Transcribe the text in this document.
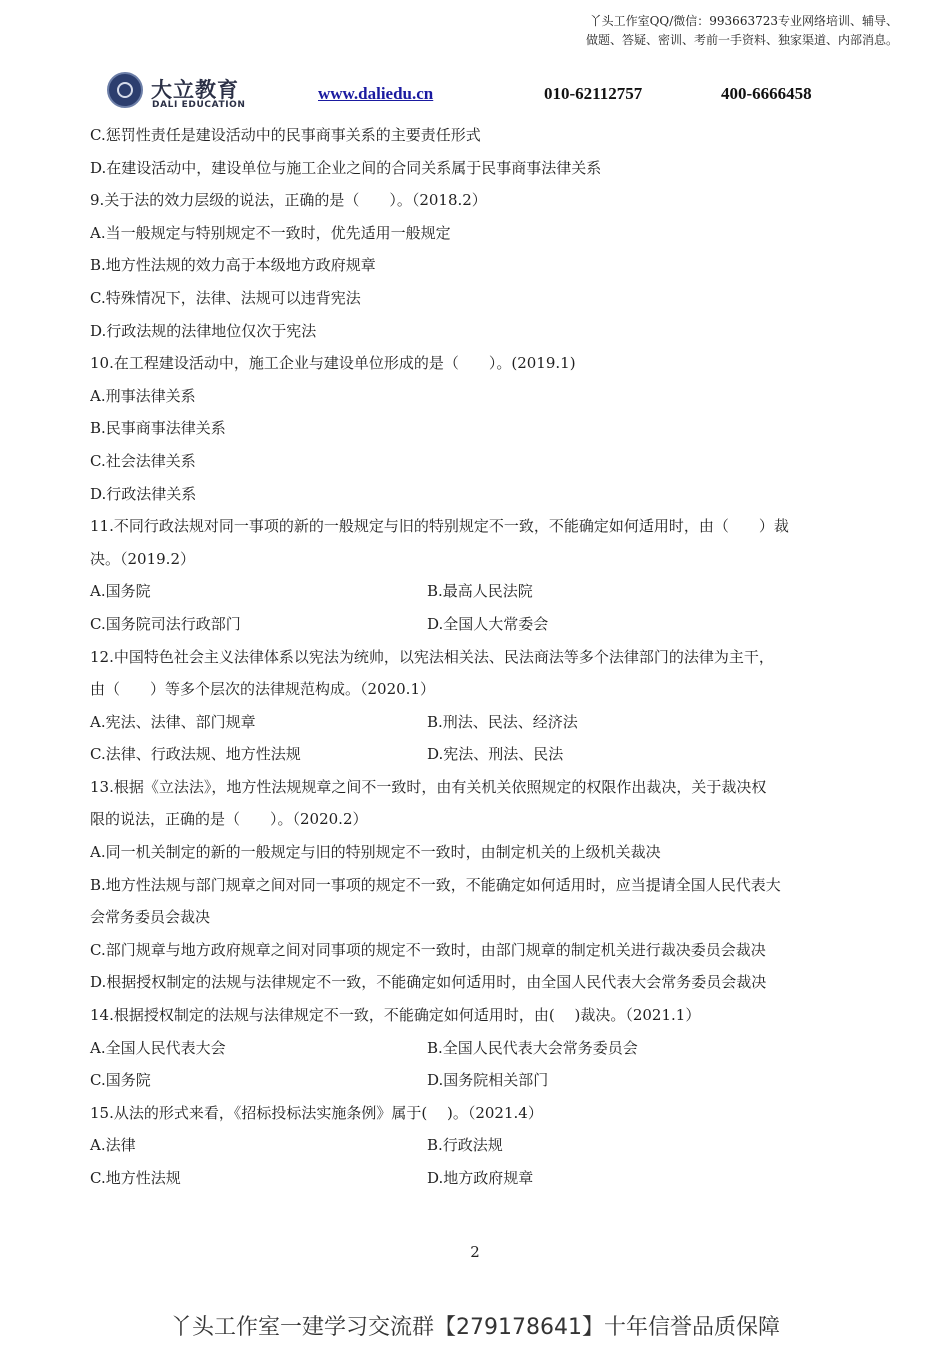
丫头工作室QQ/微信：993663723专业网络培训、辅导、
做题、答疑、密训、考前一手资料、独家渠道、内部消息。
大立教育
DALI EDUCATION
www.daliedu.cn	010-62112757	400-6666458
C.惩罚性责任是建设活动中的民事商事关系的主要责任形式
D.在建设活动中，建设单位与施工企业之间的合同关系属于民事商事法律关系
9.关于法的效力层级的说法，正确的是（　　）。（2018.2）
A.当一般规定与特别规定不一致时，优先适用一般规定
B.地方性法规的效力高于本级地方政府规章
C.特殊情况下，法律、法规可以违背宪法
D.行政法规的法律地位仅次于宪法
10.在工程建设活动中，施工企业与建设单位形成的是（　　）。(2019.1)
A.刑事法律关系
B.民事商事法律关系
C.社会法律关系
D.行政法律关系
11.不同行政法规对同一事项的新的一般规定与旧的特别规定不一致，不能确定如何适用时，由（　　）裁
决。（2019.2）
A.国务院	B.最高人民法院
C.国务院司法行政部门	D.全国人大常委会
12.中国特色社会主义法律体系以宪法为统帅，以宪法相关法、民法商法等多个法律部门的法律为主干，
由（　　）等多个层次的法律规范构成。（2020.1）
A.宪法、法律、部门规章	B.刑法、民法、经济法
C.法律、行政法规、地方性法规	D.宪法、刑法、民法
13.根据《立法法》，地方性法规规章之间不一致时，由有关机关依照规定的权限作出裁决，关于裁决权
限的说法，正确的是（　　）。（2020.2）
A.同一机关制定的新的一般规定与旧的特别规定不一致时，由制定机关的上级机关裁决
B.地方性法规与部门规章之间对同一事项的规定不一致，不能确定如何适用时，应当提请全国人民代表大
会常务委员会裁决
C.部门规章与地方政府规章之间对同事项的规定不一致时，由部门规章的制定机关进行裁决委员会裁决
D.根据授权制定的法规与法律规定不一致，不能确定如何适用时，由全国人民代表大会常务委员会裁决
14.根据授权制定的法规与法律规定不一致，不能确定如何适用时，由(　 )裁决。（2021.1）
A.全国人民代表大会	B.全国人民代表大会常务委员会
C.国务院	D.国务院相关部门
15.从法的形式来看，《招标投标法实施条例》属于(　 )。（2021.4）
A.法律	B.行政法规
C.地方性法规	D.地方政府规章
2
丫头工作室一建学习交流群【279178641】十年信誉品质保障
